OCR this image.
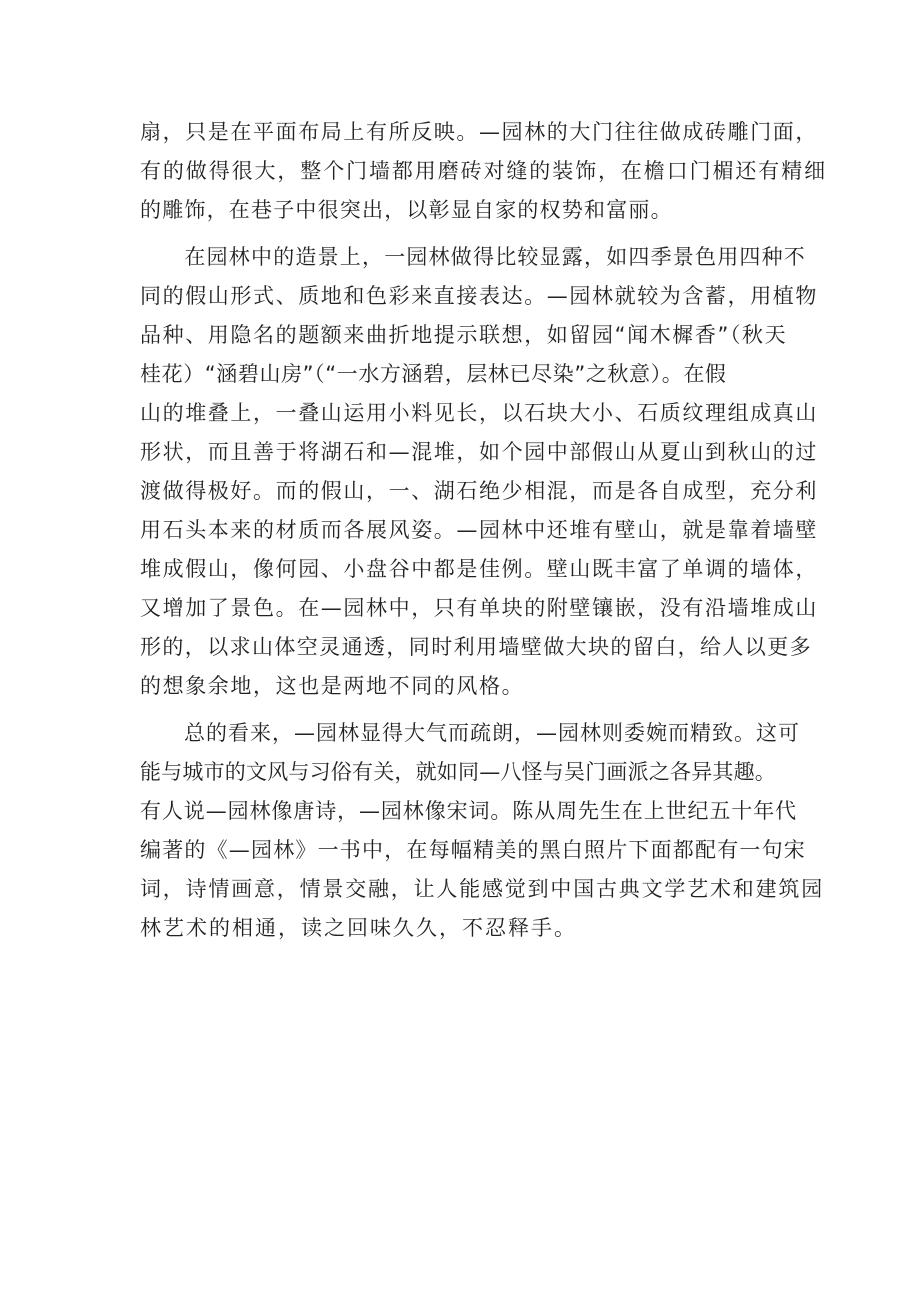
扇，只是在平面布局上有所反映。—园林的大门往往做成砖雕门面，
有的做得很大，整个门墙都用磨砖对缝的装饰，在檐口门楣还有精细
的雕饰，在巷子中很突出，以彰显自家的权势和富丽。

　　在园林中的造景上，一园林做得比较显露，如四季景色用四种不
同的假山形式、质地和色彩来直接表达。—园林就较为含蓄，用植物
品种、用隐名的题额来曲折地提示联想，如留园“闻木樨香”（秋天
桂花）“涵碧山房”（“一水方涵碧，层林已尽染”之秋意）。在假
山的堆叠上，一叠山运用小料见长，以石块大小、石质纹理组成真山
形状，而且善于将湖石和—混堆，如个园中部假山从夏山到秋山的过
渡做得极好。而的假山，一、湖石绝少相混，而是各自成型，充分利
用石头本来的材质而各展风姿。—园林中还堆有壁山，就是靠着墙壁
堆成假山，像何园、小盘谷中都是佳例。壁山既丰富了单调的墙体，
又增加了景色。在—园林中，只有单块的附壁镶嵌，没有沿墙堆成山
形的，以求山体空灵通透，同时利用墙壁做大块的留白，给人以更多
的想象余地，这也是两地不同的风格。

　　总的看来，—园林显得大气而疏朗，—园林则委婉而精致。这可
能与城市的文风与习俗有关，就如同—八怪与吴门画派之各异其趣。
有人说—园林像唐诗，—园林像宋词。陈从周先生在上世纪五十年代
编著的《—园林》一书中，在每幅精美的黑白照片下面都配有一句宋
词，诗情画意，情景交融，让人能感觉到中国古典文学艺术和建筑园
林艺术的相通，读之回味久久，不忍释手。
